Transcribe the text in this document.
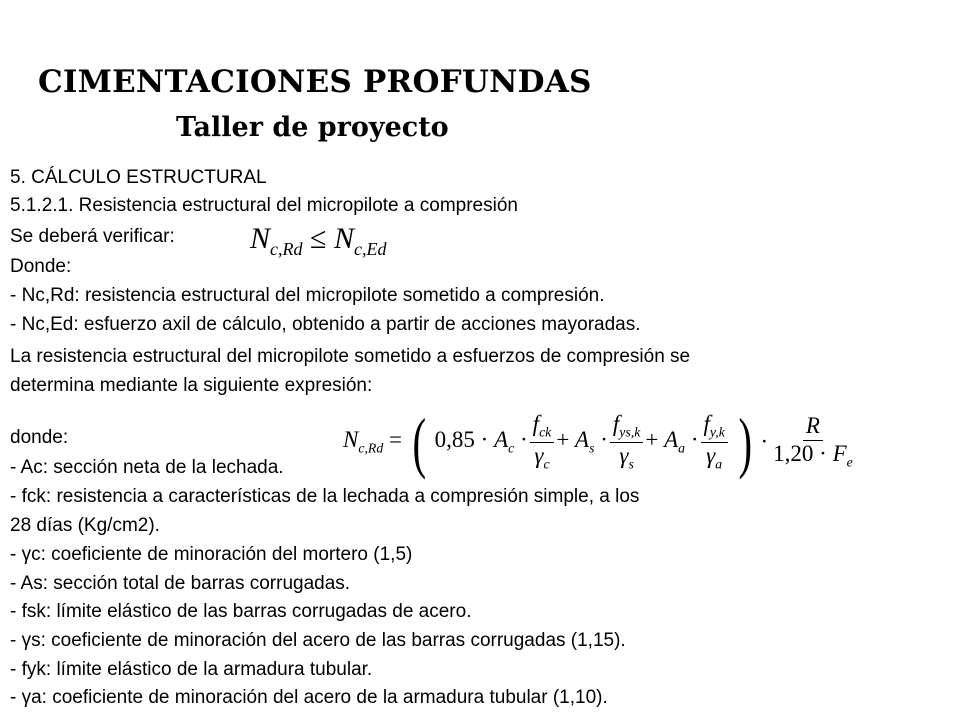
CIMENTACIONES PROFUNDAS
Taller de proyecto
5. CÁLCULO ESTRUCTURAL
5.1.2.1. Resistencia estructural del micropilote a compresión
Se deberá verificar:	$N_{c,Rd} \le N_{c,Ed}$
Donde:
- Nc,Rd: resistencia estructural del micropilote sometido a compresión.
- Nc,Ed: esfuerzo axil de cálculo, obtenido a partir de acciones mayoradas.
La resistencia estructural del micropilote sometido a esfuerzos de compresión se
determina mediante la siguiente expresión:
$N_{c,Rd}$ = ( $0,85 \cdot A_c \cdot \frac{f_{ck}}{\gamma_c} + A_s \cdot \frac{f_{ys,k}}{\gamma_s} + A_a \cdot \frac{f_{y,k}}{\gamma_a}$ ) · $\frac{R}{1,20 \cdot F_e}$
donde:
- Ac: sección neta de la lechada.
- fck: resistencia a características de la lechada a compresión simple, a los
28 días (Kg/cm2).
- γc: coeficiente de minoración del mortero (1,5)
- As: sección total de barras corrugadas.
- fsk: límite elástico de las barras corrugadas de acero.
- γs: coeficiente de minoración del acero de las barras corrugadas (1,15).
- fyk: límite elástico de la armadura tubular.
- γa: coeficiente de minoración del acero de la armadura tubular (1,10).
